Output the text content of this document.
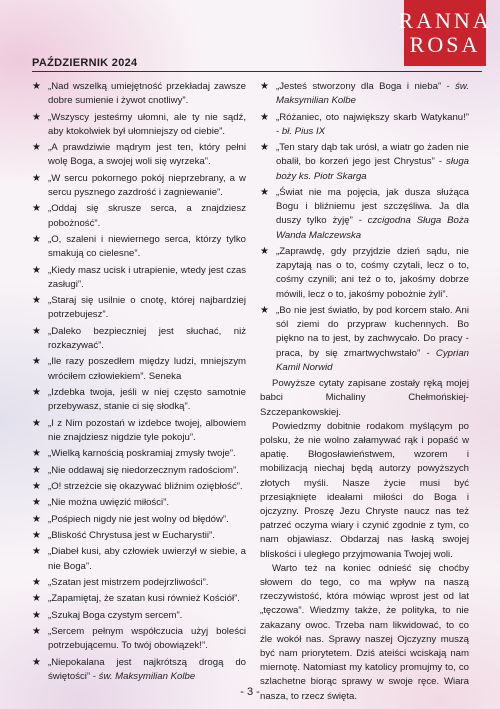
RANNA
ROSA
PAŹDZIERNIK 2024
★ „Nad wszelką umiejętność przekładaj zawsze dobre sumienie i żywot cnotliwy”.
★ „Wszyscy jesteśmy ułomni, ale ty nie sądź, aby ktokolwiek był ułomniejszy od ciebie”.
★ „A prawdziwie mądrym jest ten, który pełni wolę Boga, a swojej woli się wyrzeka”.
★ „W sercu pokornego pokój nieprzebrany, a w sercu pysznego zazdrość i zagniewanie”.
★ „Oddaj się skrusze serca, a znajdziesz pobożność”.
★ „O, szaleni i niewiernego serca, którzy tylko smakują co cielesne”.
★ „Kiedy masz ucisk i utrapienie, wtedy jest czas zasługi”.
★ „Staraj się usilnie o cnotę, której najbardziej potrzebujesz”.
★ „Daleko bezpieczniej jest słuchać, niż rozkazywać”.
★ „Ile razy poszedłem między ludzi, mniejszym wróciłem człowiekiem”. Seneka
★ „Izdebka twoja, jeśli w niej często samotnie przebywasz, stanie ci się słodką”.
★ „I z Nim pozostań w izdebce twojej, albowiem nie znajdziesz nigdzie tyle pokoju”.
★ „Wielką karnością poskramiaj zmysły twoje”.
★ „Nie oddawaj się niedorzecznym radościom”.
★ „O! strzeżcie się okazywać bliźnim oziębłość”.
★ „Nie można uwięzić miłości”.
★ „Pośpiech nigdy nie jest wolny od błędów”.
★ „Bliskość Chrystusa jest w Eucharystii”.
★ „Diabeł kusi, aby człowiek uwierzył w siebie, a nie Boga”.
★ „Szatan jest mistrzem podejrzliwości”.
★ „Zapamiętaj, że szatan kusi również Kościół”.
★ „Szukaj Boga czystym sercem”.
★ „Sercem pełnym współczucia użyj boleści potrzebującemu. To twój obowiązek!”.
★ „Niepokalana jest najkrótszą drogą do świętości” - św. Maksymilian Kolbe
★ „Jesteś stworzony dla Boga i nieba” - św. Maksymilian Kolbe
★ „Różaniec, oto największy skarb Watykanu!” - bł. Pius IX
★ „Ten stary dąb tak urósł, a wiatr go żaden nie obalił, bo korzeń jego jest Chrystus” - sługa boży ks. Piotr Skarga
★ „Świat nie ma pojęcia, jak dusza służąca Bogu i bliźniemu jest szczęśliwa. Ja dla duszy tylko żyję” - czcigodna Sługa Boża Wanda Malczewska
★ „Zaprawdę, gdy przyjdzie dzień sądu, nie zapytają nas o to, cośmy czytali, lecz o to, cośmy czynili; ani też o to, jakośmy dobrze mówili, lecz o to, jakośmy pobożnie żyli”.
★ „Bo nie jest światło, by pod korcem stało. Ani sól ziemi do przypraw kuchennych. Bo piękno na to jest, by zachwycało. Do pracy - praca, by się zmartwychwstało” - Cyprian Kamil Norwid

Powyższe cytaty zapisane zostały ręką mojej babci Michaliny Chełmońskiej-Szczepankowskiej.

Powiedzmy dobitnie rodakom myślącym po polsku, że nie wolno załamywać rąk i popaść w apatię. Błogosławieństwem, wzorem i mobilizacją niechaj będą autorzy powyższych złotych myśli. Nasze życie musi być przesiąknięte ideałami miłości do Boga i ojczyzny. Proszę Jezu Chryste naucz nas też patrzeć oczyma wiary i czynić zgodnie z tym, co nam objawiasz. Obdarzaj nas łaską swojej bliskości i uległego przyjmowania Twojej woli.

Warto też na koniec odnieść się choćby słowem do tego, co ma wpływ na naszą rzeczywistość, która mówiąc wprost jest od lat „tęczowa”. Wiedzmy także, że polityka, to nie zakazany owoc. Trzeba nam likwidować, to co źle wokół nas. Sprawy naszej Ojczyzny muszą być nam priorytetem. Dziś ateiści wciskają nam miernotę. Natomiast my katolicy promujmy to, co szlachetne biorąc sprawy w swoje ręce. Wiara nasza, to rzecz święta.

- 3 -
